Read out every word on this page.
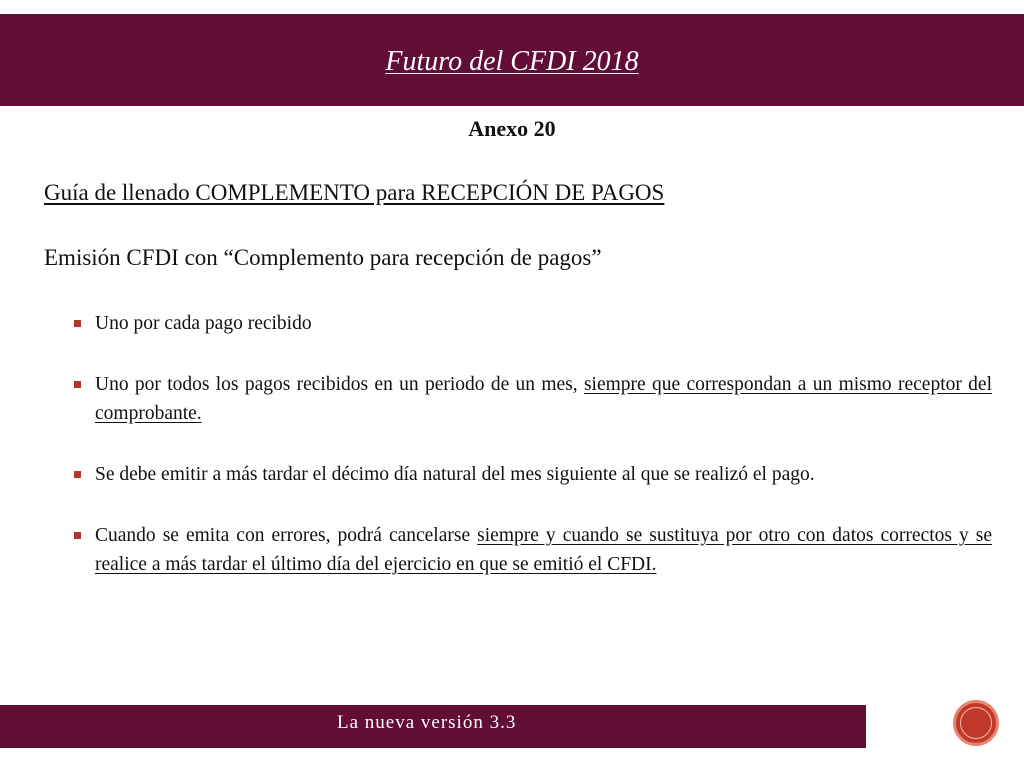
Futuro del CFDI 2018
Anexo 20
Guía de llenado COMPLEMENTO para RECEPCIÓN DE PAGOS
Emisión CFDI con “Complemento para recepción de pagos”
Uno por cada pago recibido
Uno por todos los pagos recibidos en un periodo de un mes, siempre que correspondan a un mismo receptor del comprobante.
Se debe emitir a más tardar el décimo día natural del mes siguiente al que se realizó el pago.
Cuando se emita con errores, podrá cancelarse siempre y cuando se sustituya por otro con datos correctos y se realice a más tardar el último día del ejercicio en que se emitió el CFDI.
La nueva versión 3.3
